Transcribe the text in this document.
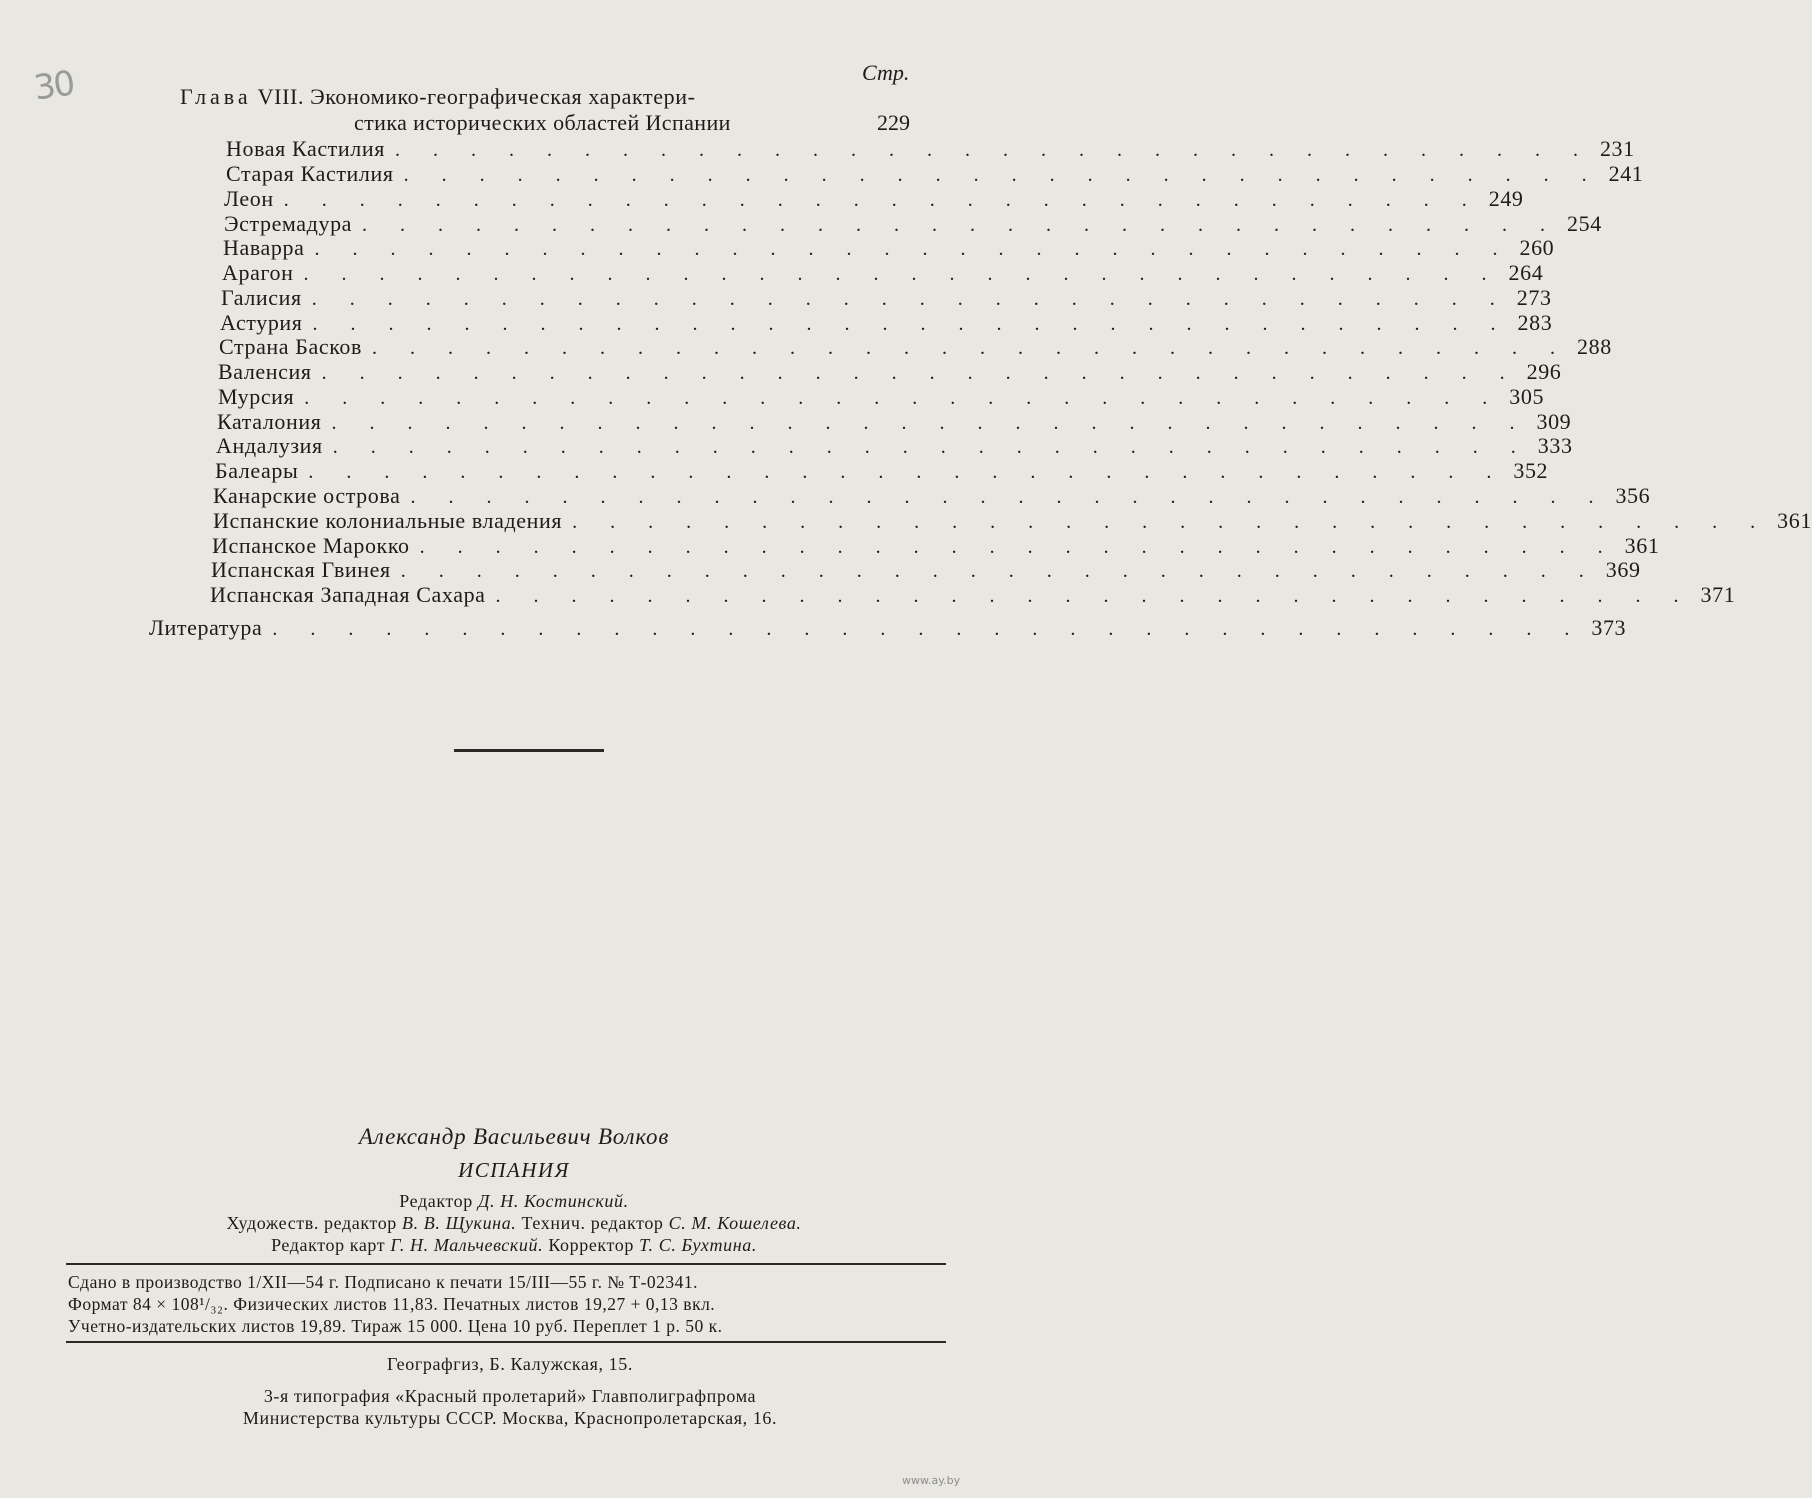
30	Стр.
Глава VIII. Экономико-географическая характери-
стика исторических областей Испании	229
Новая Кастилия . . . . . . . . . . . . . . . . . . . . . . . . . . . . . . . . 231
Старая Кастилия . . . . . . . . . . . . . . . . . . . . . . . . . . . . . . . . 241
Леон . . . . . . . . . . . . . . . . . . . . . . . . . . . . . . . . 249
Эстремадура . . . . . . . . . . . . . . . . . . . . . . . . . . . . . . . . 254
Наварра . . . . . . . . . . . . . . . . . . . . . . . . . . . . . . . . 260
Арагон . . . . . . . . . . . . . . . . . . . . . . . . . . . . . . . . 264
Галисия . . . . . . . . . . . . . . . . . . . . . . . . . . . . . . . . 273
Астурия . . . . . . . . . . . . . . . . . . . . . . . . . . . . . . . . 283
Страна Басков . . . . . . . . . . . . . . . . . . . . . . . . . . . . . . . . 288
Валенсия . . . . . . . . . . . . . . . . . . . . . . . . . . . . . . . . 296
Мурсия . . . . . . . . . . . . . . . . . . . . . . . . . . . . . . . . 305
Каталония . . . . . . . . . . . . . . . . . . . . . . . . . . . . . . . . 309
Андалузия . . . . . . . . . . . . . . . . . . . . . . . . . . . . . . . . 333
Балеары . . . . . . . . . . . . . . . . . . . . . . . . . . . . . . . . 352
Канарские острова . . . . . . . . . . . . . . . . . . . . . . . . . . . . . . . . 356
Испанские колониальные владения . . . . . . . . . . . . . . . . . . . . . . . . . . . . . . . . 361
Испанское Марокко . . . . . . . . . . . . . . . . . . . . . . . . . . . . . . . . 361
Испанская Гвинея . . . . . . . . . . . . . . . . . . . . . . . . . . . . . . . . 369
Испанская Западная Сахара . . . . . . . . . . . . . . . . . . . . . . . . . . . . . . . . 371
Литература . . . . . . . . . . . . . . . . . . . . . . . . . . . . . . . . . . . 373
Александр Васильевич Волков
ИСПАНИЯ
Редактор Д. Н. Костинский.
Художеств. редактор В. В. Щукина. Технич. редактор С. М. Кошелева.
Редактор карт Г. Н. Мальчевский. Корректор Т. С. Бухтина.
Сдано в производство 1/XII—54 г. Подписано к печати 15/III—55 г. № Т-02341.
Формат 84 × 108¹/₃₂. Физических листов 11,83. Печатных листов 19,27 + 0,13 вкл.
Учетно-издательских листов 19,89. Тираж 15 000. Цена 10 руб. Переплет 1 р. 50 к.
Географгиз, Б. Калужская, 15.
3-я типография «Красный пролетарий» Главполиграфпрома
Министерства культуры СССР. Москва, Краснопролетарская, 16.
www.ay.by
